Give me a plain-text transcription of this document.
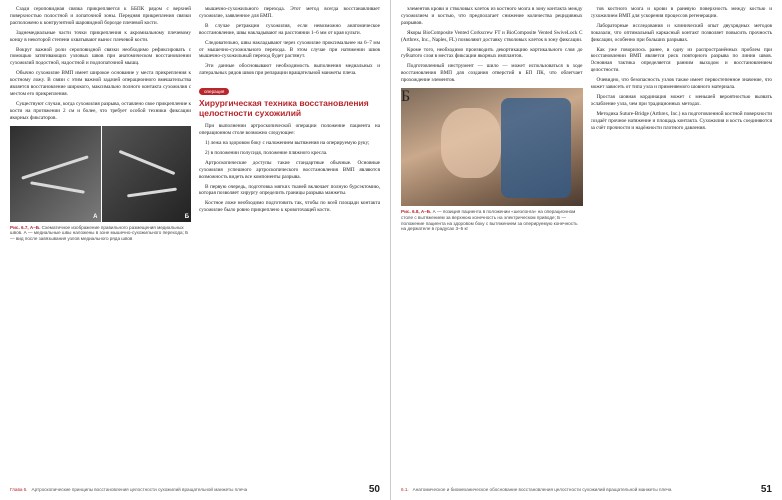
Сзади сероповидная связка прикрепляется к ББПК рядом с верхней поверхностью полостной и лопаточной зоны. Передняя прикрепления связки расположено к конгруэнтной шаровидной борозде плечевой кости.

Заднемедиальные части точки прикрепления к акромиальному плечевому концу в некоторой степени охватывают вынос плечевой кости.

Вокруг важной роли сероповидной связки необходимо рефиксировать с помощью затягивающих узловых швов при анатомическом восстановлении сухожилий подостной, надостной и подлопаточной мышц.

Обычно сухожилие ВМП имеет широкое основание у места прикрепления к костному ложу. В связи с этим важной задачей операционного вмешательства является восстановление широкого, максимально полного контакта сухожилия с местом его прикрепления.

Существуют случаи, когда сухожилия разрыва, оставлено свое прикрепление к кости на протяжении 2 см и более, что требует особой техники фиксации якорных фиксаторов.

А	Б
Рис. 6.7, А–Б. Схематичное изображение правильного размещения медиальных швов. А — медиальные швы наложены в зоне мышечно-сухожильного перехода; Б — вид после завязывания узлов медиального ряда швов

мышечно-сухожильного перехода. Этот метод всегда восстанавливает сухожилие, заявленное для БМП.

В случае ретракции сухожилия, если невозможно анатомическое восстановление, швы накладывают на расстоянии 1–6 мм от края культи.

Следовательно, швы накладывают через сухожилие проксимальнее на 6–7 мм от мышечно-сухожильного перехода. В этом случае при натяжении швов мышечно-сухожильный переход будет растянут.

Эти данные обосновывают необходимость выполнения медиальных и латеральных рядов швов при репарации вращательной манжеты плеча.

операция
Хирургическая техника восстановления целостности сухожилий

При выполнении артроскопической операции положение пациента на операционном столе возможно следующее:

1) лежа на здоровом боку с наложением вытяжения на оперируемую руку;

2) в положении полусидя, положение пляжного кресла.

Артроскопические доступы такие стандартные обычные. Основные сухожилия успешного артроскопического восстановления ВМП являются возможность видеть все компоненты разрыва.

В первую очередь, подготовка мягких тканей включает полную бурсэктомию, которая позволяет хирургу определить границы разрыва манжеты.

Костное ложе необходимо подготовить так, чтобы по всей площади контакта сухожилие было ровно прикреплено к кровоточащей кости.

Глава 6. Артроскопические принципы восстановления целостности сухожилий вращательной манжеты плеча	50

элементов крови и стволовых клеток из костного мозга в зону контакта между сухожилием и костью, что предполагает снижение количества рецидивных разрывов.

Якоры BioComposite Vented Corkscrew FT и BioComposite Vented SwiveLock C (Arthrex, Inc., Naples, FL) позволяют доставку стволовых клеток в зону фиксации.

Кроме того, необходимо производить декортикацию кортикального слоя до губчатого слоя в местах фиксации якорных имплантов.

Подготовленный инструмент — шило — может использоваться в ходе восстановления ВМП для создания отверстий в БП ПК, что облегчает прохождение элементов.

Б
Рис. 6.8, А–Б. А — позиция пациента в положении «шезлонга» на операционном столе с вытяжением за верхнюю конечность на электрическом приводе; Б — положение пациента на здоровом боку с вытяжением за оперируемую конечность на держателе в градусах 3–5 кг

тов костного мозга и крови в раневую поверхность между костью и сухожилием ВМП для ускорения процессов регенерации.

Лабораторные исследования и клинический опыт двухрядных методов показали, что оптимальный каркасный контакт позволяет повысить прочность фиксации, особенно при больших разрывах.

Как уже говорилось ранее, в одну из распространённых проблем при восстановлении ВМП является риск повторного разрыва по линии швов. Основная тактика определяется ранним выходом и восстановлением целостности.

Очевидно, что безопасность узлов также имеет первостепенное значение, что может зависеть от типа узла и применяемого шовного материала.

Простая шовная кординация может с меньшей вероятностью вызвать ослабление узла, чем при традиционных методах.

Методика Suture-Bridge (Arthrex, Inc.) на подготовленной костной поверхности создаёт прочное натяжение и площадь контакта. Сухожилия и кость соединяются за счёт прочности и надёжности плотного давления.

6.1. Анатомическое и биомеханическое обоснование восстановления целостности сухожилий вращательной манжеты плеча	51
